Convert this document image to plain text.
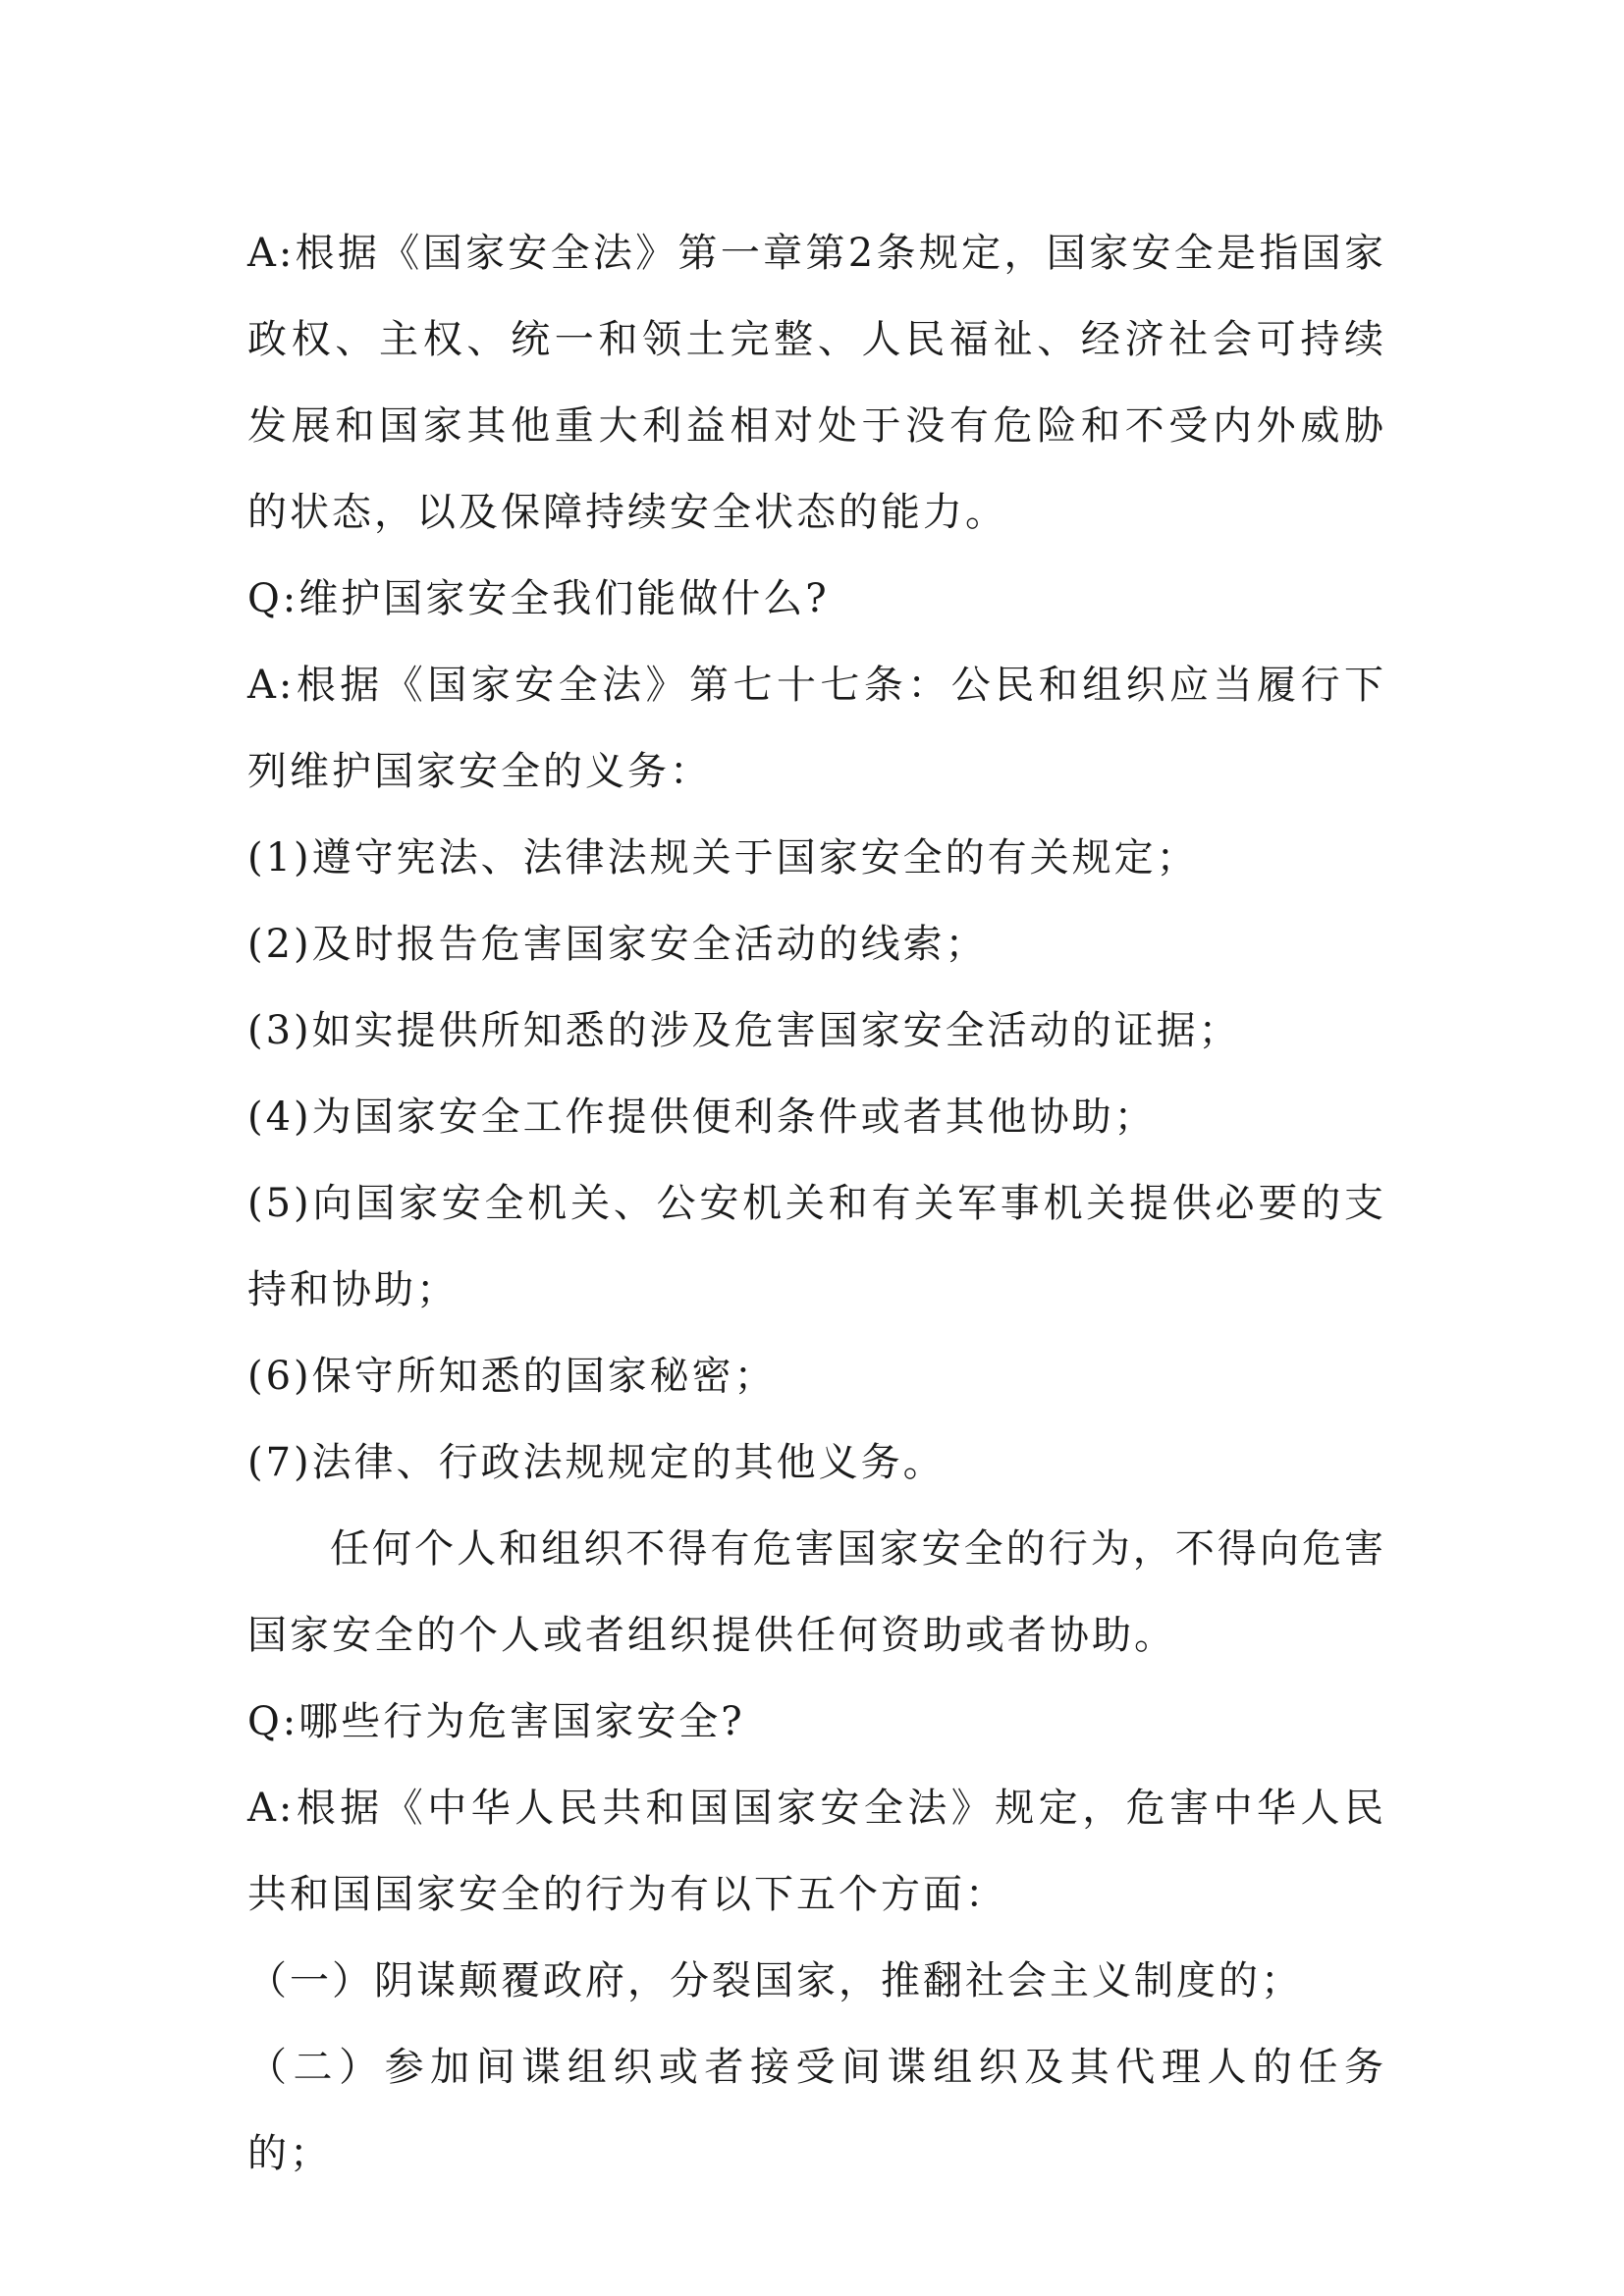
A:根据《国家安全法》第一章第2条规定，国家安全是指国家政权、主权、统一和领土完整、人民福祉、经济社会可持续发展和国家其他重大利益相对处于没有危险和不受内外威胁的状态，以及保障持续安全状态的能力。

Q:维护国家安全我们能做什么?

A:根据《国家安全法》第七十七条：公民和组织应当履行下列维护国家安全的义务：

(1)遵守宪法、法律法规关于国家安全的有关规定；

(2)及时报告危害国家安全活动的线索；

(3)如实提供所知悉的涉及危害国家安全活动的证据；

(4)为国家安全工作提供便利条件或者其他协助；

(5)向国家安全机关、公安机关和有关军事机关提供必要的支持和协助；

(6)保守所知悉的国家秘密；

(7)法律、行政法规规定的其他义务。

任何个人和组织不得有危害国家安全的行为，不得向危害国家安全的个人或者组织提供任何资助或者协助。

Q:哪些行为危害国家安全?

A:根据《中华人民共和国国家安全法》规定，危害中华人民共和国国家安全的行为有以下五个方面：

（一）阴谋颠覆政府，分裂国家，推翻社会主义制度的；

（二）参加间谍组织或者接受间谍组织及其代理人的任务的；
